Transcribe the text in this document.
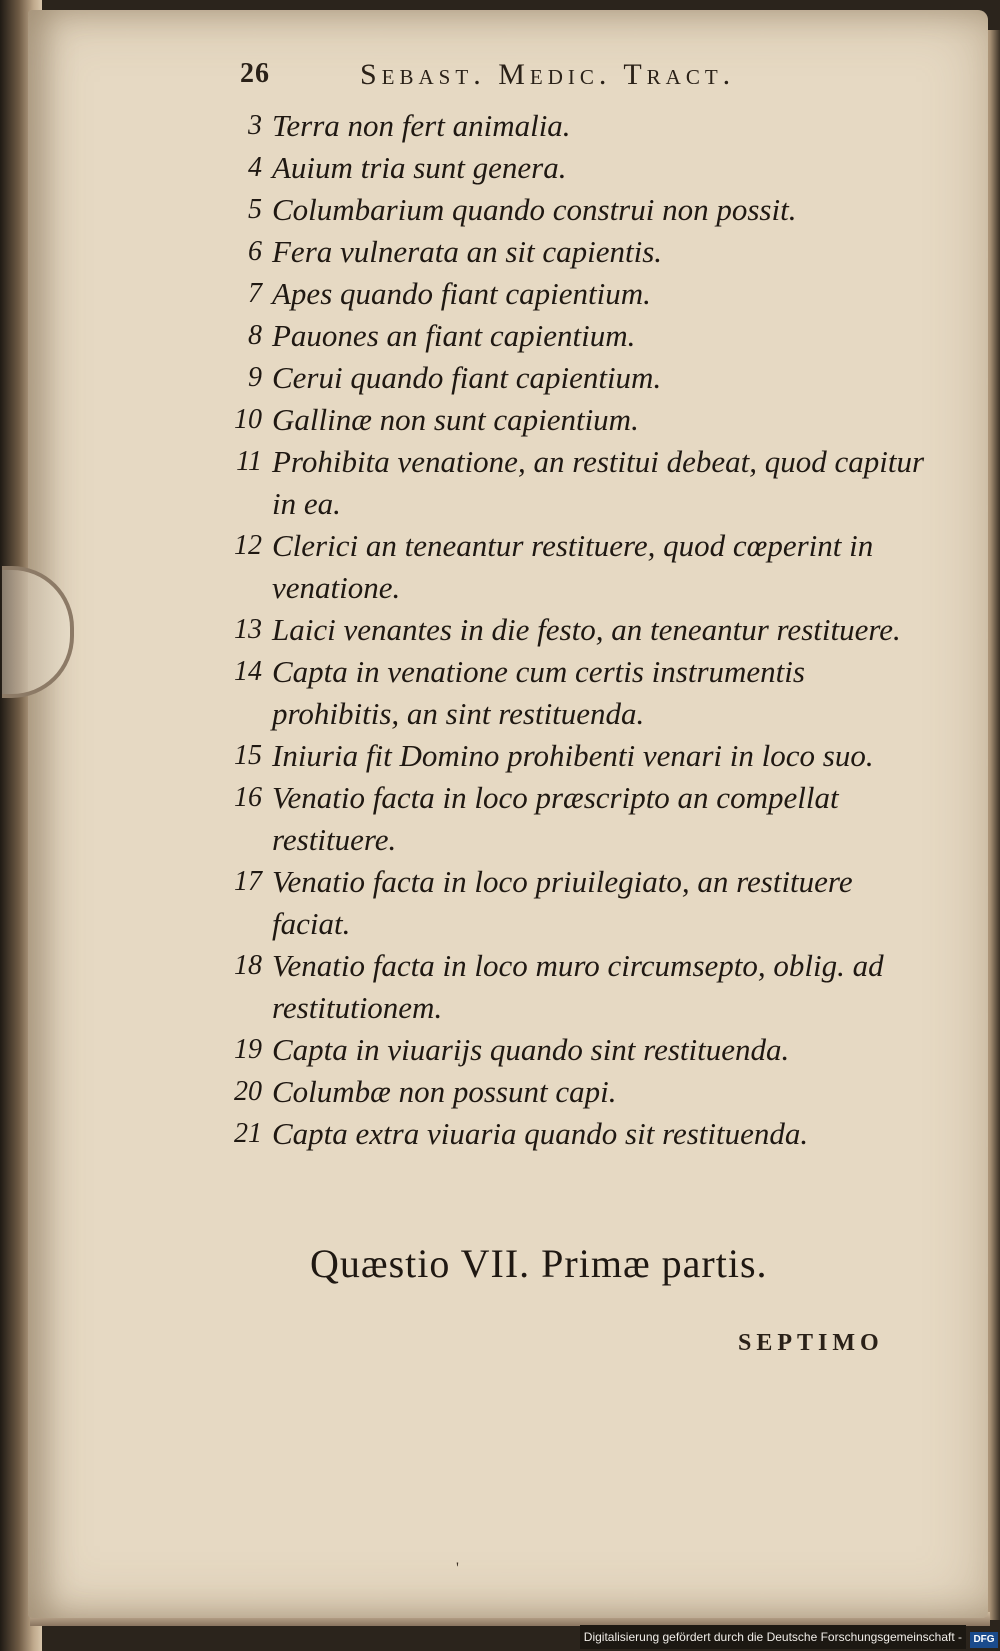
26	Sebast. Medic. Tract.
3 Terra non fert animalia.
4 Auium tria sunt genera.
5 Columbarium quando construi non possit.
6 Fera vulnerata an sit capientis.
7 Apes quando fiant capientium.
8 Pauones an fiant capientium.
9 Cerui quando fiant capientium.
10 Gallinæ non sunt capientium.
11 Prohibita venatione, an restitui debeat, quod capitur in ea.
12 Clerici an teneantur restituere, quod cœperint in venatione.
13 Laici venantes in die festo, an teneantur restituere.
14 Capta in venatione cum certis instrumentis prohibitis, an sint restituenda.
15 Iniuria fit Domino prohibenti venari in loco suo.
16 Venatio facta in loco præscripto an compellat restituere.
17 Venatio facta in loco priuilegiato, an restituere faciat.
18 Venatio facta in loco muro circumsepto, oblig. ad restitutionem.
19 Capta in viuarijs quando sint restituenda.
20 Columbæ non possunt capi.
21 Capta extra viuaria quando sit restituenda.
Quæstio VII. Primæ partis.
SEPTIMO
'
Digitalisierung gefördert durch die Deutsche Forschungsgemeinschaft -	DFG
